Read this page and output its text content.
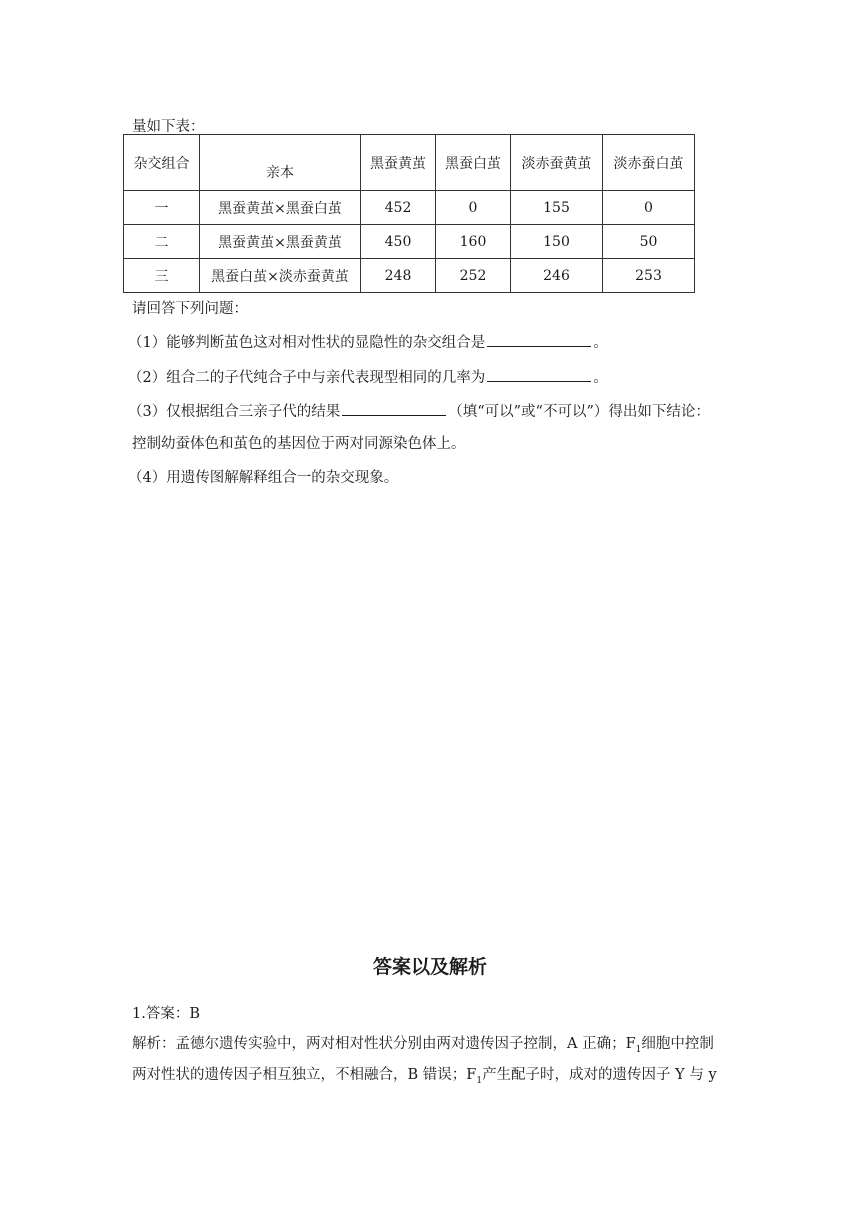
量如下表：
杂交组合	亲本	黑蚕黄茧	黑蚕白茧	淡赤蚕黄茧	淡赤蚕白茧
一	黑蚕黄茧×黑蚕白茧	452	0	155	0
二	黑蚕黄茧×黑蚕黄茧	450	160	150	50
三	黑蚕白茧×淡赤蚕黄茧	248	252	246	253
请回答下列问题：
（1）能够判断茧色这对相对性状的显隐性的杂交组合是	。
（2）组合二的子代纯合子中与亲代表现型相同的几率为	。
（3）仅根据组合三亲子代的结果	（填“可以”或“不可以”）得出如下结论：
控制幼蚕体色和茧色的基因位于两对同源染色体上。
（4）用遗传图解解释组合一的杂交现象。
答案以及解析
1.答案：B
解析：孟德尔遗传实验中，两对相对性状分别由两对遗传因子控制，A 正确；$F_1$细胞中控制
两对性状的遗传因子相互独立，不相融合，B 错误；$F_1$产生配子时，成对的遗传因子 Y 与 y
